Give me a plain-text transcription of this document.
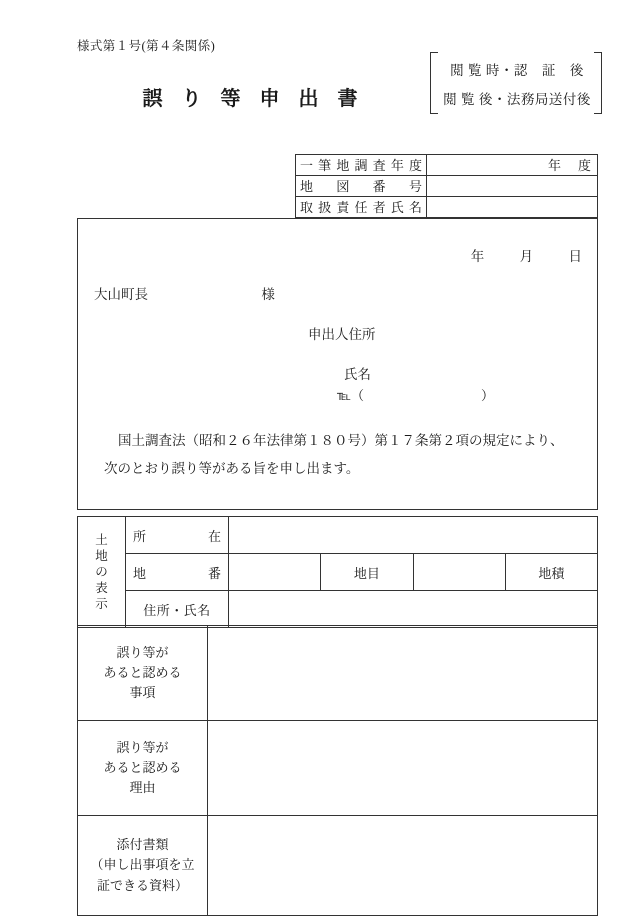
様式第１号(第４条関係)
誤 り 等 申 出 書
閲 覧 時・認　証　後
閲 覧 後・法務局送付後
一筆地調査年度	年　度
地　図　番　号	
取扱責任者氏名	
年	月	日
大山町長	様
申出人住所
氏名
℡（	）
国土調査法（昭和２６年法律第１８０号）第１７条第２項の規定により、
次のとおり誤り等がある旨を申し出ます。
土
地
の
表
示	所　　在				
	地　　番		地目		地積
	住所・氏名				
誤り等が
あると認める
事項	

誤り等が
あると認める
理由	

添付書類
（申し出事項を立
証できる資料）	
